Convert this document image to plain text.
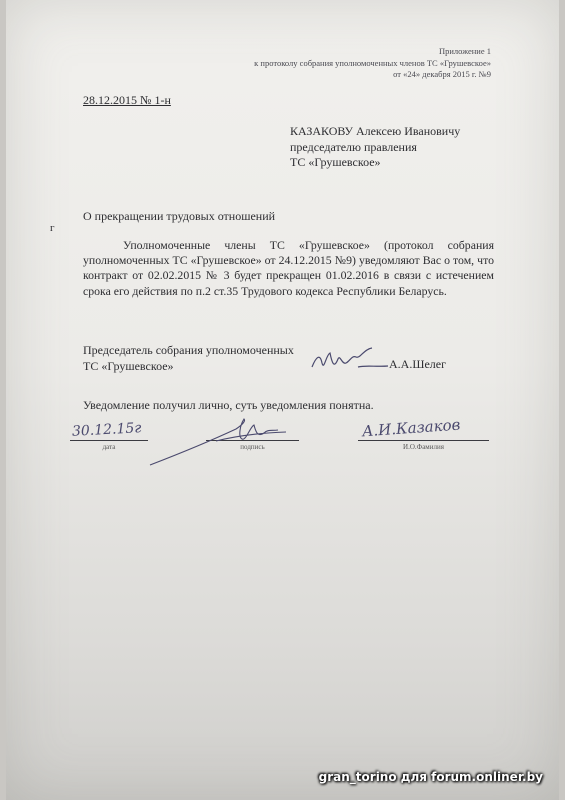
Приложение 1
к протоколу собрания уполномоченных членов ТС «Грушевское»
от «24» декабря 2015 г. №9
28.12.2015 № 1-н
КАЗАКОВУ Алексею Ивановичу
председателю правления
ТС «Грушевское»
г
О прекращении трудовых отношений
Уполномоченные члены ТС «Грушевское» (протокол собрания уполномоченных ТС «Грушевское» от 24.12.2015 №9) уведомляют Вас о том, что контракт от 02.02.2015 № 3 будет прекращен 01.02.2016 в связи с истечением срока его действия по п.2 ст.35 Трудового кодекса Республики Беларусь.
Председатель собрания уполномоченных
ТС «Грушевское»	А.А.Шелег
Уведомление получил лично, суть уведомления понятна.
дата	подпись	И.О.Фамилия
30.12.15г	А.И.Казаков
gran_torino для forum.onliner.by
